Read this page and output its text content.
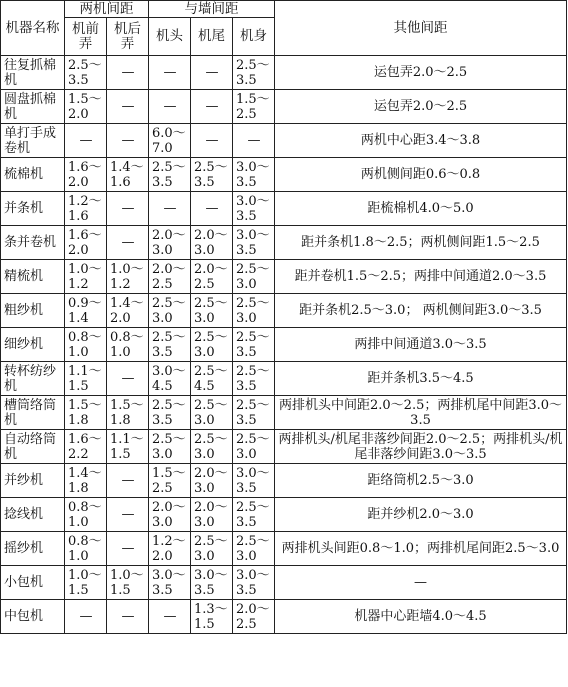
机器名称	两机间距		与墙间距			其他间距
	机前弄	机后弄	机头	机尾	机身	
往复抓棉机	2.5～3.5	—	—	—	2.5～3.5	运包弄2.0～2.5
圆盘抓棉机	1.5～2.0	—	—	—	1.5～2.5	运包弄2.0～2.5
单打手成卷机	—	—	6.0～7.0	—	—	两机中心距3.4～3.8
梳棉机	1.6～2.0	1.4～1.6	2.5～3.5	2.5～3.5	3.0～3.5	两机侧间距0.6～0.8
并条机	1.2～1.6	—	—	—	3.0～3.5	距梳棉机4.0～5.0
条并卷机	1.6～2.0	—	2.0～3.0	2.0～3.0	3.0～3.5	距并条机1.8～2.5；两机侧间距1.5～2.5
精梳机	1.0～1.2	1.0～1.2	2.0～2.5	2.0～2.5	2.5～3.0	距并卷机1.5～2.5；两排中间通道2.0～3.5
粗纱机	0.9～1.4	1.4～2.0	2.5～3.0	2.5～3.0	2.5～3.0	距并条机2.5～3.0； 两机侧间距3.0～3.5
细纱机	0.8～1.0	0.8～1.0	2.5～3.5	2.5～3.0	2.5～3.5	两排中间通道3.0～3.5
转杯纺纱机	1.1～1.5	—	3.0～4.5	2.5～4.5	2.5～3.5	距并条机3.5～4.5
槽筒络筒机	1.5～1.8	1.5～1.8	2.5～3.5	2.5～3.0	2.5～3.5	两排机头中间距2.0～2.5；两排机尾中间距3.0～3.5
自动络筒机	1.6～2.2	1.1～1.5	2.5～3.0	2.5～3.0	2.5～3.0	两排机头/机尾非落纱间距2.0～2.5；两排机头/机尾非落纱间距3.0～3.5
并纱机	1.4～1.8	—	1.5～2.5	2.0～3.0	3.0～3.5	距络筒机2.5～3.0
捻线机	0.8～1.0	—	2.0～3.0	2.0～3.0	2.5～3.5	距并纱机2.0～3.0
摇纱机	0.8～1.0	—	1.2～2.0	2.5～3.0	2.5～3.0	两排机头间距0.8～1.0；两排机尾间距2.5～3.0
小包机	1.0～1.5	1.0～1.5	3.0～3.5	3.0～3.5	3.0～3.5	—
中包机	—	—	—	1.3～1.5	2.0～2.5	机器中心距墙4.0～4.5
